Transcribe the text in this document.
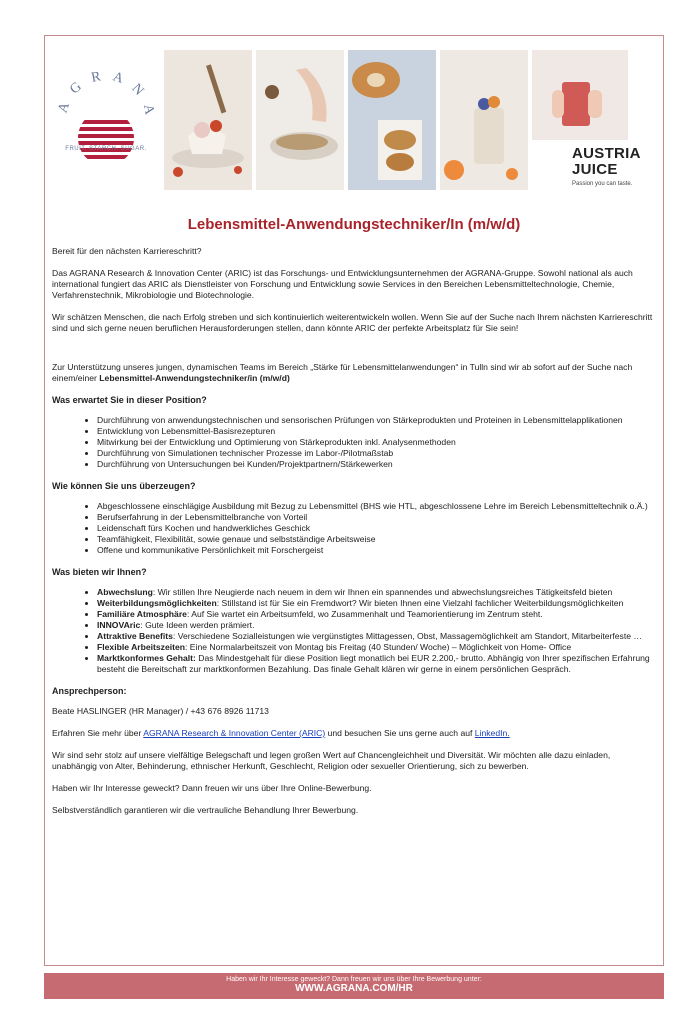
A G R A N A
FRUIT. STARCH. SUGAR.	AUSTRIA
JUICE
Passion you can taste.
Lebensmittel-Anwendungstechniker/In (m/w/d)

Bereit für den nächsten Karriereschritt?

Das AGRANA Research & Innovation Center (ARIC) ist das Forschungs- und Entwicklungsunternehmen der AGRANA-Gruppe. Sowohl national als auch international fungiert das ARIC als Dienstleister von Forschung und Entwicklung sowie Services in den Bereichen Lebensmitteltechnologie, Chemie, Verfahrenstechnik, Mikrobiologie und Biotechnologie.

Wir schätzen Menschen, die nach Erfolg streben und sich kontinuierlich weiterentwickeln wollen. Wenn Sie auf der Suche nach Ihrem nächsten Karriereschritt sind und sich gerne neuen beruflichen Herausforderungen stellen, dann könnte ARIC der perfekte Arbeitsplatz für Sie sein!

Zur Unterstützung unseres jungen, dynamischen Teams im Bereich „Stärke für Lebensmittelanwendungen“ in Tulln sind wir ab sofort auf der Suche nach einem/einer Lebensmittel-Anwendungstechniker/in (m/w/d)

Was erwartet Sie in dieser Position?
• Durchführung von anwendungstechnischen und sensorischen Prüfungen von Stärkeprodukten und Proteinen in Lebensmittelapplikationen
• Entwicklung von Lebensmittel-Basisrezepturen
• Mitwirkung bei der Entwicklung und Optimierung von Stärkeprodukten inkl. Analysenmethoden
• Durchführung von Simulationen technischer Prozesse im Labor-/Pilotmaßstab
• Durchführung von Untersuchungen bei Kunden/Projektpartnern/Stärkewerken
Wie können Sie uns überzeugen?
• Abgeschlossene einschlägige Ausbildung mit Bezug zu Lebensmittel (BHS wie HTL, abgeschlossene Lehre im Bereich Lebensmitteltechnik o.Ä.)
• Berufserfahrung in der Lebensmittelbranche von Vorteil
• Leidenschaft fürs Kochen und handwerkliches Geschick
• Teamfähigkeit, Flexibilität, sowie genaue und selbstständige Arbeitsweise
• Offene und kommunikative Persönlichkeit mit Forschergeist
Was bieten wir Ihnen?
• Abwechslung: Wir stillen Ihre Neugierde nach neuem in dem wir Ihnen ein spannendes und abwechslungsreiches Tätigkeitsfeld bieten
• Weiterbildungsmöglichkeiten: Stillstand ist für Sie ein Fremdwort? Wir bieten Ihnen eine Vielzahl fachlicher Weiterbildungsmöglichkeiten
• Familiäre Atmosphäre: Auf Sie wartet ein Arbeitsumfeld, wo Zusammenhalt und Teamorientierung im Zentrum steht.
• INNOVAric: Gute Ideen werden prämiert.
• Attraktive Benefits: Verschiedene Sozialleistungen wie vergünstigtes Mittagessen, Obst, Massagemöglichkeit am Standort, Mitarbeiterfeste …
• Flexible Arbeitszeiten: Eine Normalarbeitszeit von Montag bis Freitag (40 Stunden/ Woche) – Möglichkeit von Home- Office
• Marktkonformes Gehalt: Das Mindestgehalt für diese Position liegt monatlich bei EUR 2.200,- brutto. Abhängig von Ihrer spezifischen Erfahrung besteht die Bereitschaft zur marktkonformen Bezahlung. Das finale Gehalt klären wir gerne in einem persönlichen Gespräch.
Ansprechperson:

Beate HASLINGER (HR Manager) / +43 676 8926 11713

Erfahren Sie mehr über AGRANA Research & Innovation Center (ARIC) und besuchen Sie uns gerne auch auf LinkedIn.

Wir sind sehr stolz auf unsere vielfältige Belegschaft und legen großen Wert auf Chancengleichheit und Diversität. Wir möchten alle dazu einladen, unabhängig von Alter, Behinderung, ethnischer Herkunft, Geschlecht, Religion oder sexueller Orientierung, sich zu bewerben.

Haben wir Ihr Interesse geweckt? Dann freuen wir uns über Ihre Online-Bewerbung.

Selbstverständlich garantieren wir die vertrauliche Behandlung Ihrer Bewerbung.

Haben wir Ihr Interesse geweckt? Dann freuen wir uns über Ihre Bewerbung unter:
WWW.AGRANA.COM/HR
